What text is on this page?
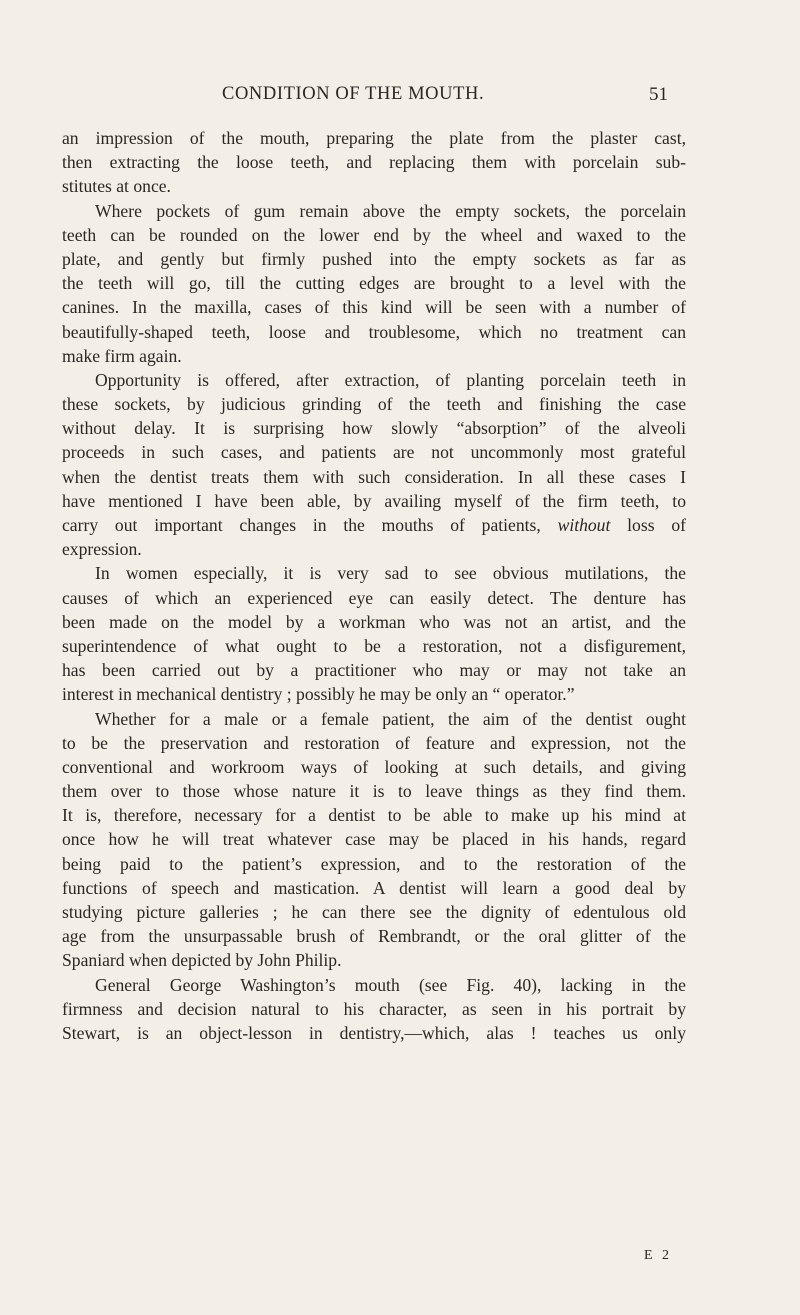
CONDITION OF THE MOUTH.	51
an impression of the mouth, preparing the plate from the plaster cast,
then extracting the loose teeth, and replacing them with porcelain sub-
stitutes at once.
Where pockets of gum remain above the empty sockets, the porcelain
teeth can be rounded on the lower end by the wheel and waxed to the
plate, and gently but firmly pushed into the empty sockets as far as
the teeth will go, till the cutting edges are brought to a level with the
canines. In the maxilla, cases of this kind will be seen with a number of
beautifully-shaped teeth, loose and troublesome, which no treatment can
make firm again.
Opportunity is offered, after extraction, of planting porcelain teeth in
these sockets, by judicious grinding of the teeth and finishing the case
without delay. It is surprising how slowly “absorption” of the alveoli
proceeds in such cases, and patients are not uncommonly most grateful
when the dentist treats them with such consideration. In all these cases I
have mentioned I have been able, by availing myself of the firm teeth, to
carry out important changes in the mouths of patients, without loss of
expression.
In women especially, it is very sad to see obvious mutilations, the
causes of which an experienced eye can easily detect. The denture has
been made on the model by a workman who was not an artist, and the
superintendence of what ought to be a restoration, not a disfigurement,
has been carried out by a practitioner who may or may not take an
interest in mechanical dentistry ; possibly he may be only an “ operator.”
Whether for a male or a female patient, the aim of the dentist ought
to be the preservation and restoration of feature and expression, not the
conventional and workroom ways of looking at such details, and giving
them over to those whose nature it is to leave things as they find them.
It is, therefore, necessary for a dentist to be able to make up his mind at
once how he will treat whatever case may be placed in his hands, regard
being paid to the patient’s expression, and to the restoration of the
functions of speech and mastication. A dentist will learn a good deal by
studying picture galleries ; he can there see the dignity of edentulous old
age from the unsurpassable brush of Rembrandt, or the oral glitter of the
Spaniard when depicted by John Philip.
General George Washington’s mouth (see Fig. 40), lacking in the
firmness and decision natural to his character, as seen in his portrait by
Stewart, is an object-lesson in dentistry,—which, alas ! teaches us only
E 2
